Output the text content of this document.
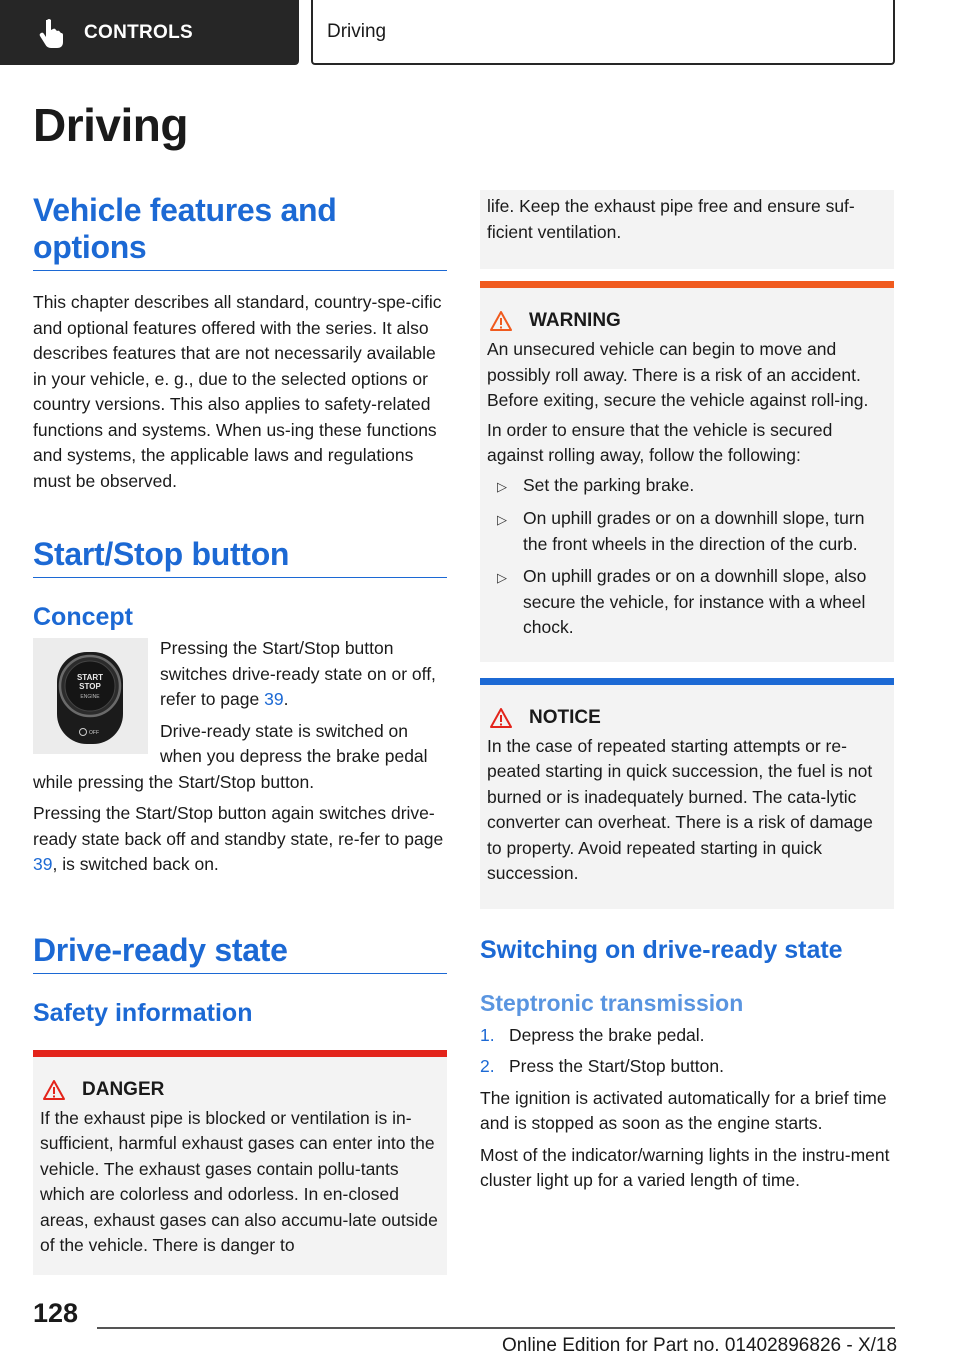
CONTROLS	Driving
Driving
Vehicle features and options

This chapter describes all standard, country-spe-cific and optional features offered with the series. It also describes features that are not necessarily available in your vehicle, e. g., due to the selected options or country versions. This also applies to safety-related functions and systems. When us-ing these functions and systems, the applicable laws and regulations must be observed.

Start/Stop button
Concept
START
STOP
ENGINE
OFF

Pressing the Start/Stop button switches drive-ready state on or off, refer to page 39.

Drive-ready state is switched on when you depress the brake pedal while pressing the Start/Stop button.

Pressing the Start/Stop button again switches drive-ready state back off and standby state, re-fer to page 39, is switched back on.

Drive-ready state
Safety information
DANGER

If the exhaust pipe is blocked or ventilation is in-sufficient, harmful exhaust gases can enter into the vehicle. The exhaust gases contain pollu-tants which are colorless and odorless. In en-closed areas, exhaust gases can also accumu-late outside of the vehicle. There is danger to

life. Keep the exhaust pipe free and ensure suf-ficient ventilation.

WARNING

An unsecured vehicle can begin to move and possibly roll away. There is a risk of an accident. Before exiting, secure the vehicle against roll-ing.

In order to ensure that the vehicle is secured against rolling away, follow the following:

▷ Set the parking brake.
▷ On uphill grades or on a downhill slope, turn the front wheels in the direction of the curb.
▷ On uphill grades or on a downhill slope, also secure the vehicle, for instance with a wheel chock.
NOTICE

In the case of repeated starting attempts or re-peated starting in quick succession, the fuel is not burned or is inadequately burned. The cata-lytic converter can overheat. There is a risk of damage to property. Avoid repeated starting in quick succession.

Switching on drive-ready state
Steptronic transmission
1. Depress the brake pedal.
2. Press the Start/Stop button.

The ignition is activated automatically for a brief time and is stopped as soon as the engine starts.

Most of the indicator/warning lights in the instru-ment cluster light up for a varied length of time.

128
Online Edition for Part no. 01402896826 - X/18
